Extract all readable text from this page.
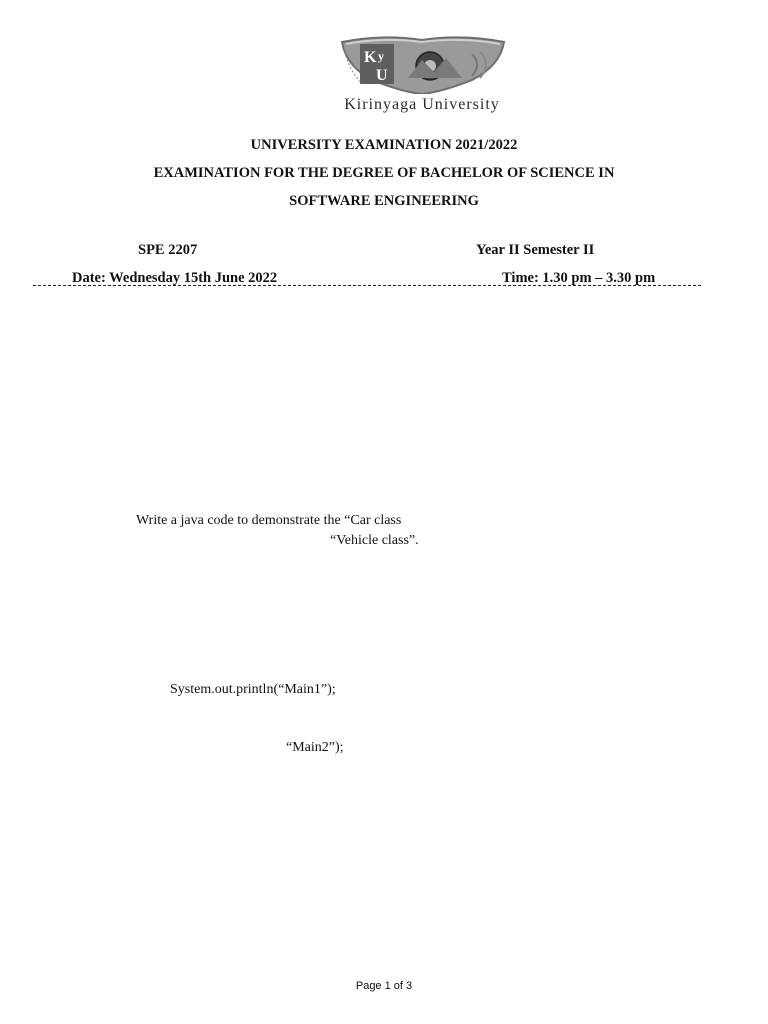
K
U
y
Kirinyaga University
UNIVERSITY EXAMINATION 2021/2022
EXAMINATION FOR THE DEGREE OF BACHELOR OF SCIENCE IN
SOFTWARE ENGINEERING
SPE 2207	Year II Semester II
Date: Wednesday 15th June 2022	Time: 1.30 pm – 3.30 pm
Write a java code to demonstrate the “Car class
“Vehicle class”.
System.out.println(“Main1”);
“Main2”);
Page 1 of 3
